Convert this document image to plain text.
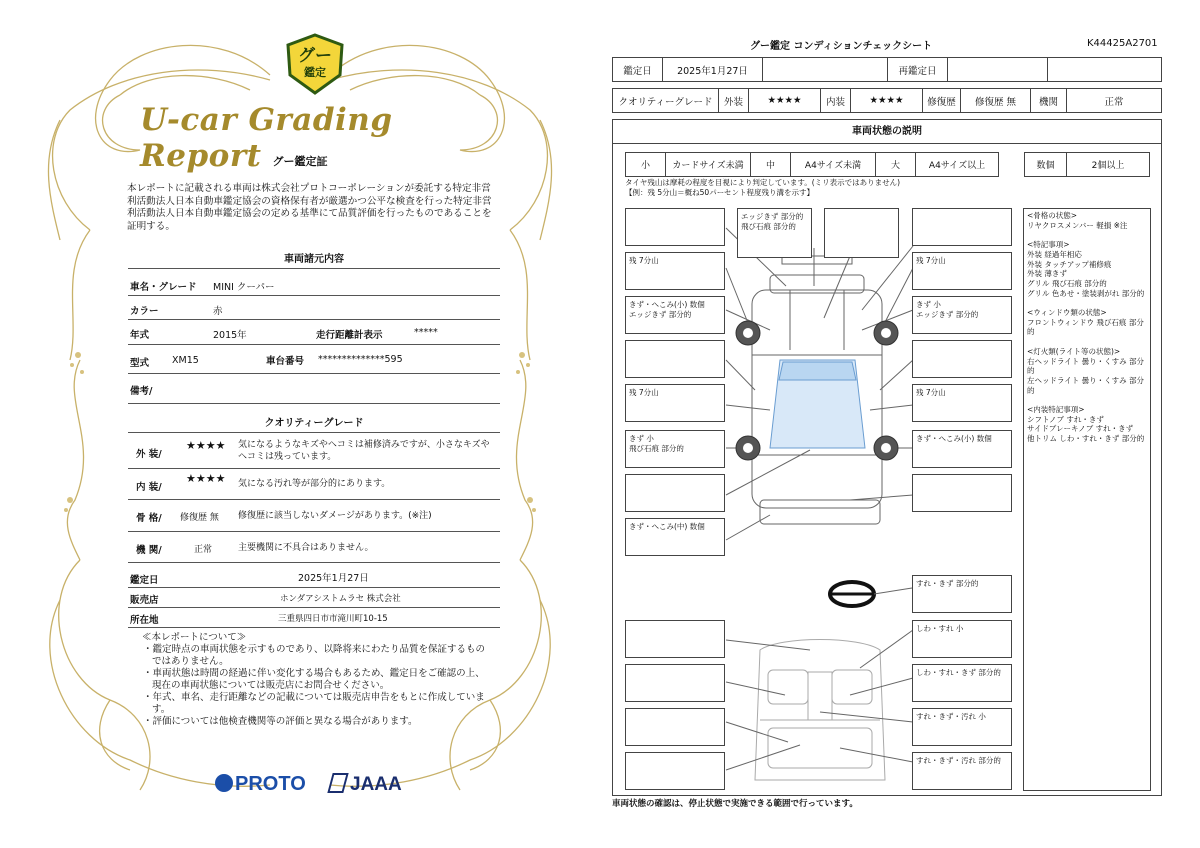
グー
鑑定
U-car Grading Report	グー鑑定証
本レポートに記載される車両は株式会社プロトコーポレーションが委託する特定非営利活動法人日本自動車鑑定協会の資格保有者が厳選かつ公平な検査を行った特定非営利活動法人日本自動車鑑定協会の定める基準にて品質評価を行ったものであることを証明する。
車両諸元内容
車名・グレード MINI クーパー
カラー	赤
年式	2015年	走行距離計表示	*****
型式 XM15	車台番号 **************595
備考/
クオリティーグレード
外 装/
★★★★ 気になるようなキズやヘコミは補修済みですが、小さなキズやヘコミは残っています。
内 装/
★★★★ 気になる汚れ等が部分的にあります。
骨 格/ 修復歴 無 修復歴に該当しないダメージがあります。(※注)
機 関/	正常	主要機関に不具合はありません。
鑑定日	2025年1月27日
販売店	ホンダアシストムラセ 株式会社
所在地	三重県四日市市滝川町10-15
≪本レポートについて≫
・鑑定時点の車両状態を示すものであり、以降将来にわたり品質を保証するものではありません。
・車両状態は時間の経過に伴い変化する場合もあるため、鑑定日をご確認の上、現在の車両状態については販売店にお問合せください。
・年式、車名、走行距離などの記載については販売店申告をもとに作成しています。
・評価については他検査機関等の評価と異なる場合があります。
PROTO	JAAA
グー鑑定 コンディションチェックシート	K44425A2701
鑑定日	2025年1月27日		再鑑定日		
クオリティーグレード	外装	★★★★	内装	★★★★	修復歴	修復歴 無	機関	正常
車両状態の説明
小	カードサイズ未満	中	A4サイズ未満	大	A4サイズ以上	数個	2個以上
タイヤ残山は摩耗の程度を目視により判定しています。(ミリ表示ではありません)
【例：残 5分山＝概ね50パーセント程度残り溝を示す】
エッジきず 部分的
飛び石痕 部分的
残 7分山	残 7分山
きず・へこみ(小) 数個
エッジきず 部分的
きず 小
エッジきず 部分的
残 7分山	残 7分山
きず 小
飛び石痕 部分的
きず・へこみ(小) 数個
きず・へこみ(中) 数個
すれ・きず 部分的
しわ・すれ 小
しわ・すれ・きず 部分的
すれ・きず・汚れ 小
すれ・きず・汚れ 部分的
<骨格の状態>
リヤクロスメンバー 軽損 ※注
<特記事項>
外装 経過年相応
外装 タッチアップ補修痕
外装 薄きず
グリル 飛び石痕 部分的
グリル 色あせ・塗装剥がれ 部分的
<ウィンドウ類の状態>
フロントウィンドウ 飛び石痕 部分的
<灯火類(ライト等の状態)>
右ヘッドライト 曇り・くすみ 部分的
左ヘッドライト 曇り・くすみ 部分的
<内装特記事項>
シフトノブ すれ・きず
サイドブレーキノブ すれ・きず
他トリム しわ・すれ・きず 部分的
車両状態の確認は、停止状態で実施できる範囲で行っています。
